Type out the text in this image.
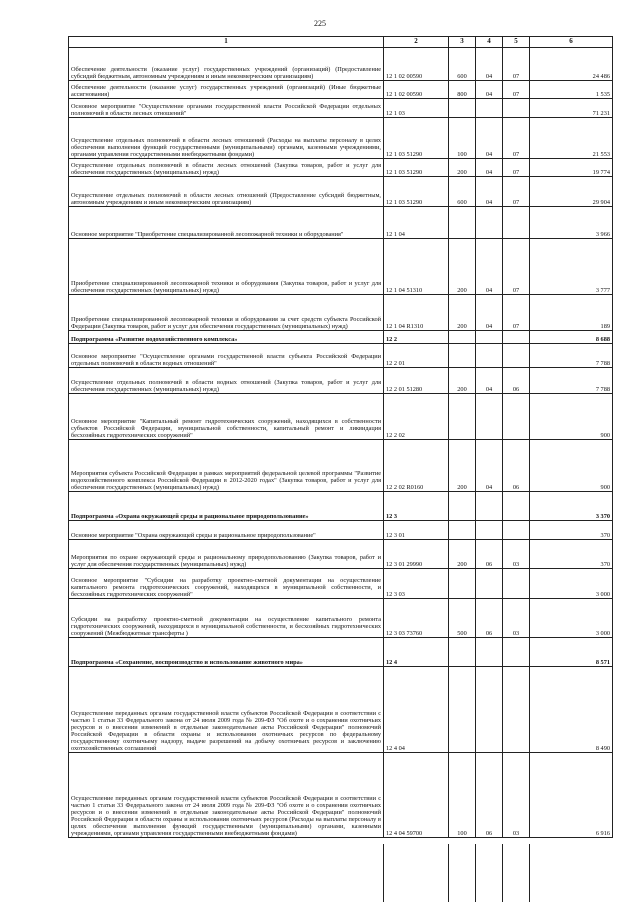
225
1	2	3	4	5	6
Обеспечение деятельности (оказание услуг) государственных учреждений (организаций) (Предоставление субсидий бюджетным, автономным учреждениям и иным некоммерческим организациям)	12 1 02 00590	600	04	07	24 486
Обеспечение деятельности (оказание услуг) государственных учреждений (организаций) (Иные бюджетные ассигнования)	12 1 02 00590	800	04	07	1 535
Основное мероприятие "Осуществление органами государственной власти Российской Федерации отдельных полномочий в области лесных отношений"	12 1 03				71 231
Осуществление отдельных полномочий в области лесных отношений (Расходы на выплаты персоналу в целях обеспечения выполнения функций государственными (муниципальными) органами, казенными учреждениями, органами управления государственными внебюджетными фондами)	12 1 03 51290	100	04	07	21 553
Осуществление отдельных полномочий в области лесных отношений (Закупка товаров, работ и услуг для обеспечения государственных (муниципальных) нужд)	12 1 03 51290	200	04	07	19 774
Осуществление отдельных полномочий в области лесных отношений (Предоставление субсидий бюджетным, автономным учреждениям и иным некоммерческим организациям)	12 1 03 51290	600	04	07	29 904
Основное мероприятие "Приобретение специализированной лесопожарной техники и оборудования"	12 1 04				3 966
Приобретение специализированной лесопожарной техники и оборудования (Закупка товаров, работ и услуг для обеспечения государственных (муниципальных) нужд)	12 1 04 51310	200	04	07	3 777
Приобретение специализированной лесопожарной техники и оборудования за счет средств субъекта Российской Федерации (Закупка товаров, работ и услуг для обеспечения государственных (муниципальных) нужд)	12 1 04 R1310	200	04	07	189
Подпрограмма «Развитие водохозяйственного комплекса»	12 2				8 688
Основное мероприятие "Осуществление органами государственной власти субъекта Российской Федерации отдельных полномочий в области водных отношений"	12 2 01				7 788
Осуществление отдельных полномочий в области водных отношений (Закупка товаров, работ и услуг для обеспечения государственных (муниципальных) нужд)	12 2 01 51280	200	04	06	7 788
Основное мероприятие "Капитальный ремонт гидротехнических сооружений, находящихся в собственности субъектов Российской Федерации, муниципальной собственности, капитальный ремонт и ликвидация бесхозяйных гидротехнических сооружений"	12 2 02				900
Мероприятия субъекта Российской Федерации в рамках мероприятий федеральной целевой программы "Развитие водохозяйственного комплекса Российской Федерации в 2012-2020 годах" (Закупка товаров, работ и услуг для обеспечения государственных (муниципальных) нужд)	12 2 02 R0160	200	04	06	900
Подпрограмма «Охрана окружающей среды и рациональное природопользование»	12 3				3 370
Основное мероприятие "Охрана окружающей среды и рациональное природопользование"	12 3 01				370
Мероприятия по охране окружающей среды и рациональному природопользованию (Закупка товаров, работ и услуг для обеспечения государственных (муниципальных) нужд)	12 3 01 29990	200	06	03	370
Основное мероприятие "Субсидии на разработку проектно-сметной документации на осуществление капитального ремонта гидротехнических сооружений, находящихся в муниципальной собственности, и бесхозяйных гидротехнических сооружений"	12 3 03				3 000
Субсидии на разработку проектно-сметной документации на осуществление капитального ремонта гидротехнических сооружений, находящихся в муниципальной собственности, и бесхозяйных гидротехнических сооружений (Межбюджетные трансферты )	12 3 03 73760	500	06	03	3 000
Подпрограмма «Сохранение, воспроизводство и использование животного мира»	12 4				8 571
Осуществление переданных органам государственной власти субъектов Российской Федерации в соответствии с частью 1 статьи 33 Федерального закона от 24 июля 2009 года № 209-ФЗ "Об охоте и о сохранении охотничьих ресурсов и о внесении изменений в отдельные законодательные акты Российской Федерации" полномочий Российской Федерации в области охраны и использования охотничьих ресурсов по федеральному государственному охотничьему надзору, выдаче разрешений на добычу охотничьих ресурсов и заключению охотхозяйственных соглашений	12 4 04				8 490
Осуществление переданных органам государственной власти субъектов Российской Федерации в соответствии с частью 1 статьи 33 Федерального закона от 24 июля 2009 года № 209-ФЗ "Об охоте и о сохранении охотничьих ресурсов и о внесении изменений в отдельные законодательные акты Российской Федерации" полномочий Российской Федерации в области охраны и использования охотничьих ресурсов (Расходы на выплаты персоналу в целях обеспечения выполнения функций государственными (муниципальными) органами, казенными учреждениями, органами управления государственными внебюджетными фондами)	12 4 04 59700	100	06	03	6 916
